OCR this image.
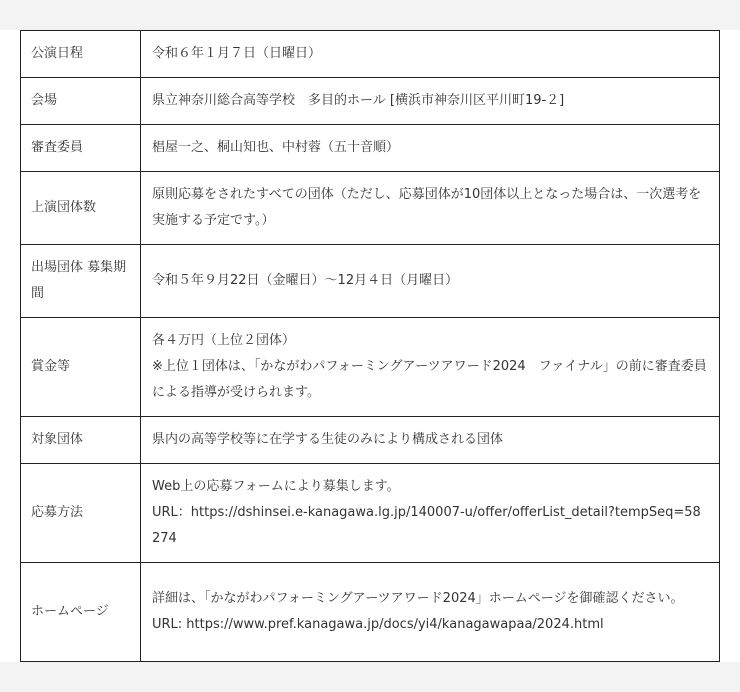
公演日程	令和６年１月７日（日曜日）

会場	県立神奈川総合高等学校　多目的ホール [横浜市神奈川区平川町19-２]

審査委員	椙屋一之、桐山知也、中村蓉（五十音順）

上演団体数	原則応募をされたすべての団体（ただし、応募団体が10団体以上となった場合は、一次選考を実施する予定です。）

出場団体 募集期間	令和５年９月22日（金曜日）～12月４日（月曜日）

賞金等	各４万円（上位２団体）
※上位１団体は、「かながわパフォーミングアーツアワード2024　ファイナル」の前に審査委員による指導が受けられます。

対象団体	県内の高等学校等に在学する生徒のみにより構成される団体

応募方法	Web上の応募フォームにより募集します。
URL：https://dshinsei.e-kanagawa.lg.jp/140007-u/offer/offerList_detail?tempSeq=58274

ホームページ	詳細は、「かながわパフォーミングアーツアワード2024」ホームページを御確認ください。
URL: https://www.pref.kanagawa.jp/docs/yi4/kanagawapaa/2024.html
